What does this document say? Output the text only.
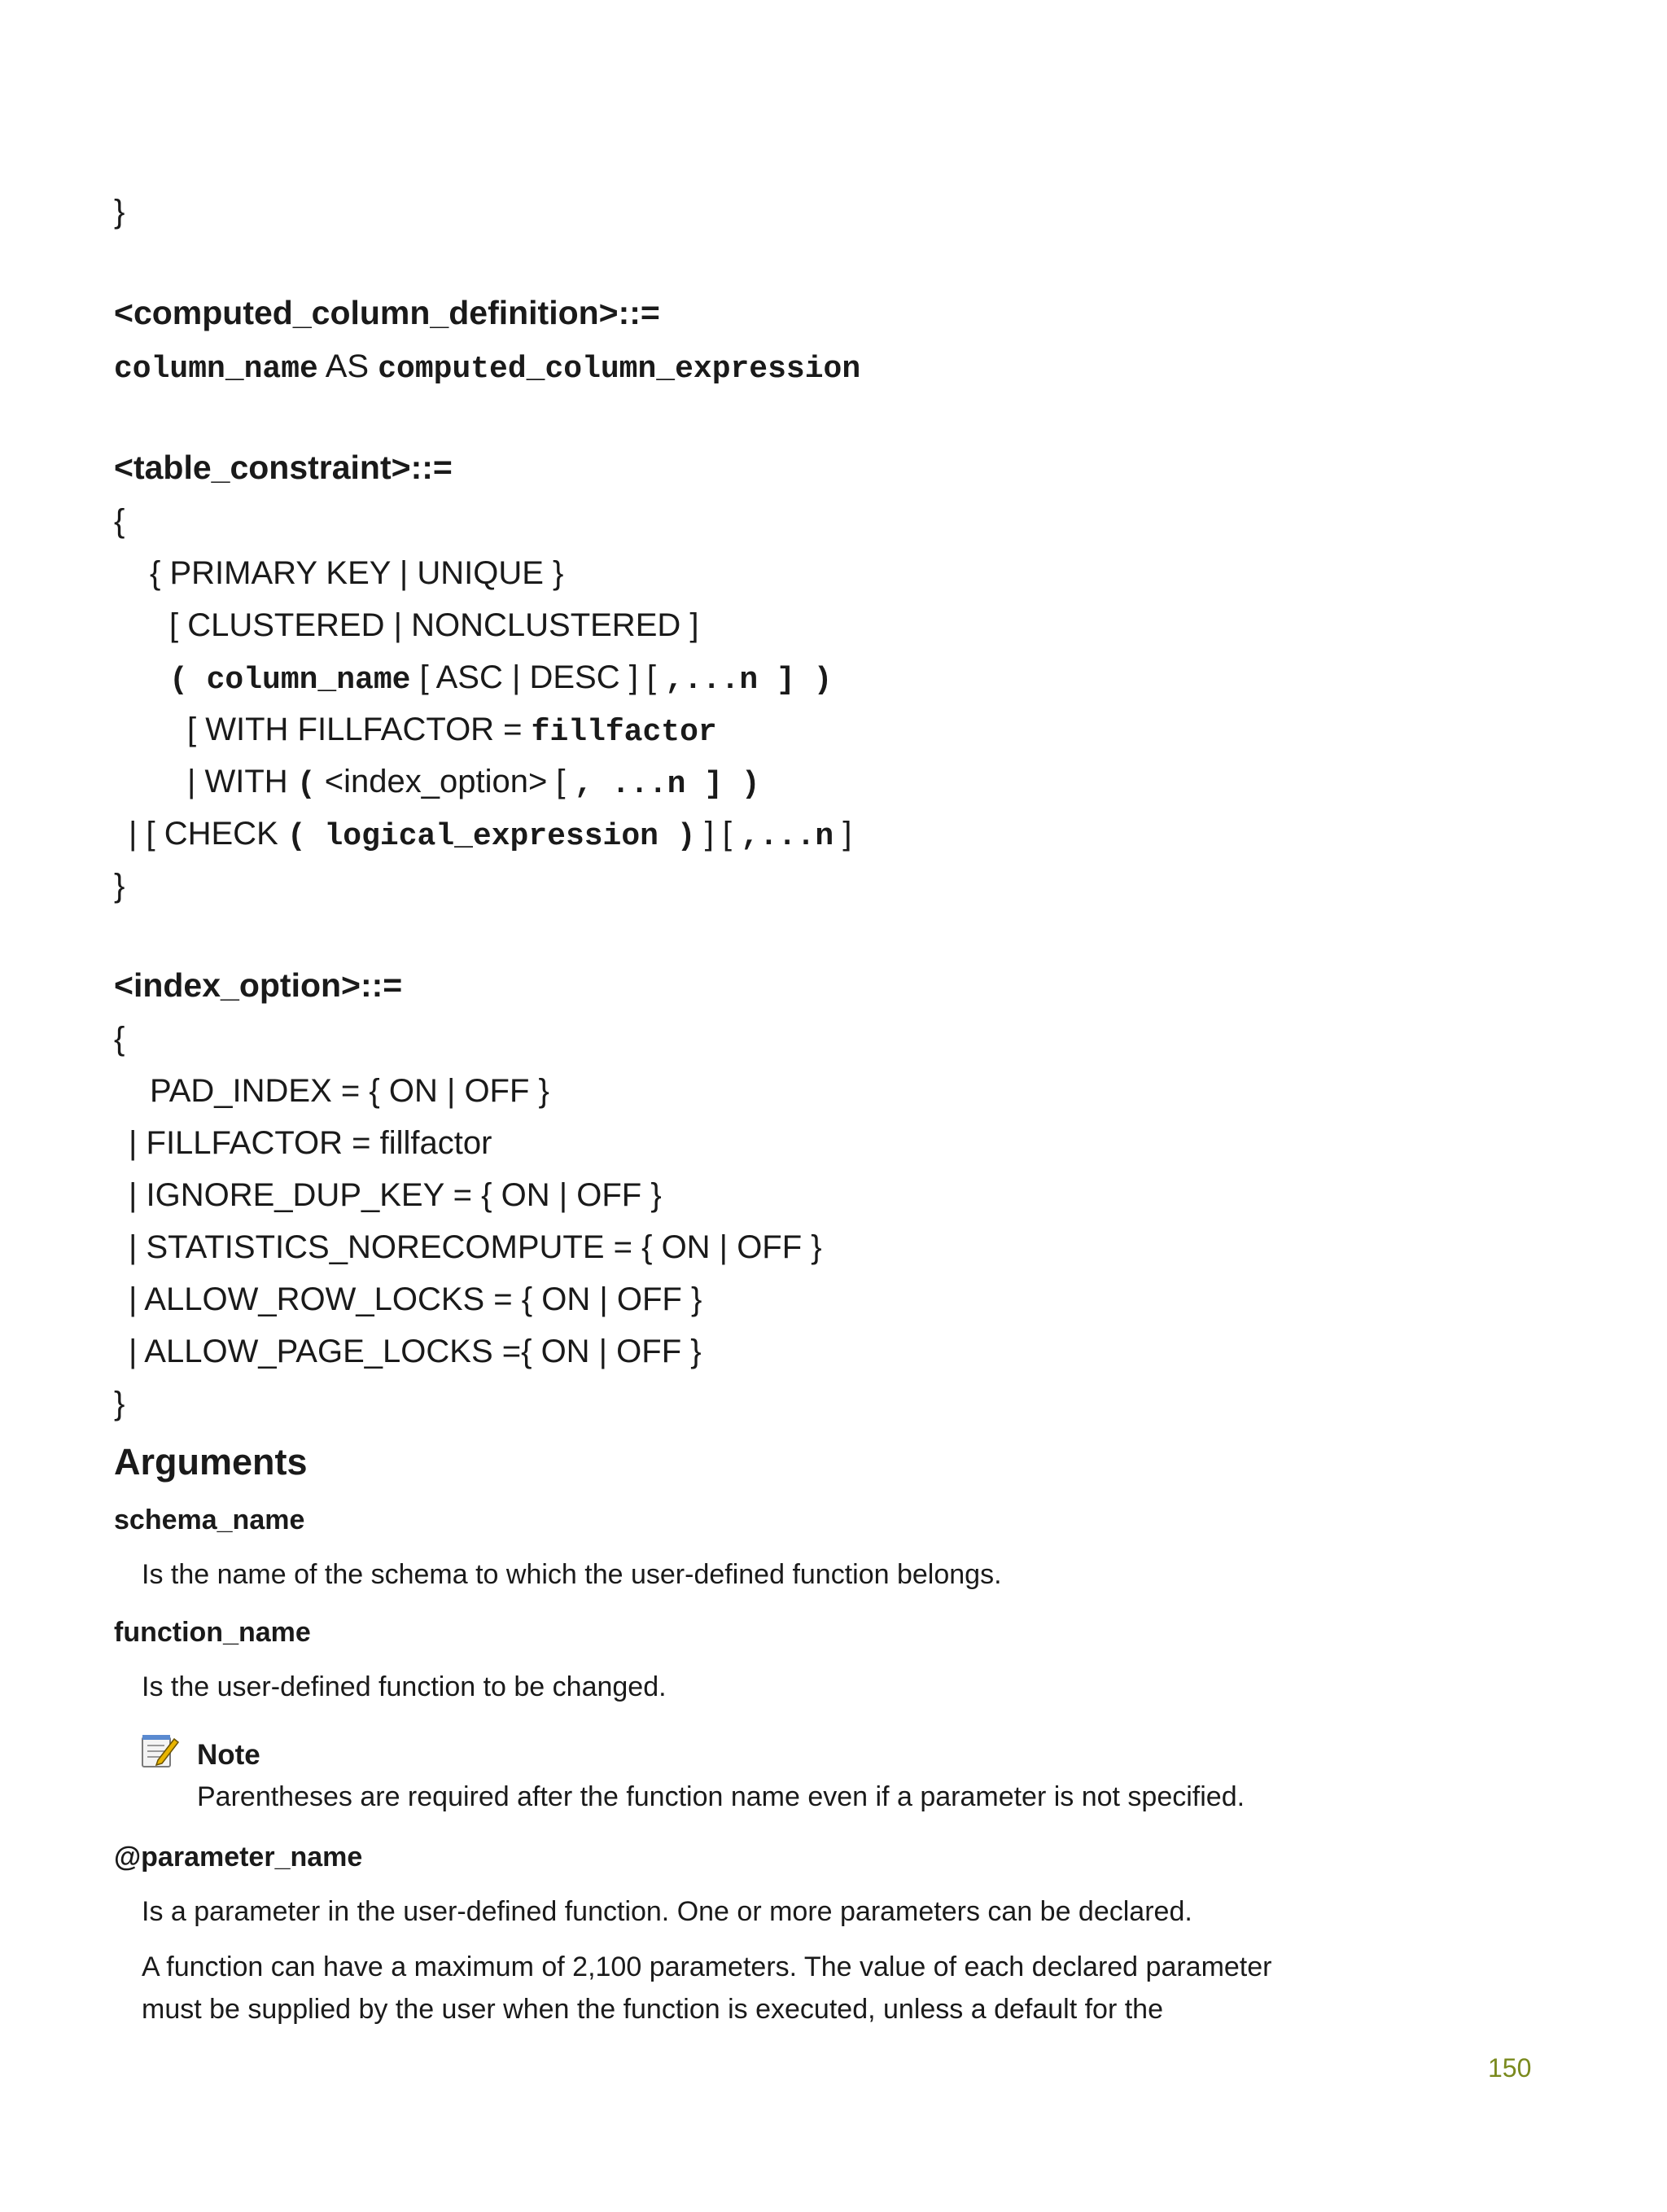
}
<computed_column_definition>::=
column_name AS computed_column_expression
<table_constraint>::=
{
{ PRIMARY KEY | UNIQUE }
[ CLUSTERED | NONCLUSTERED ]
( column_name [ ASC | DESC ] [ ,...n ] )
[ WITH FILLFACTOR = fillfactor
| WITH ( <index_option> [ , ...n ] )
| [ CHECK ( logical_expression ) ] [ ,...n ]
}
<index_option>::=
{
PAD_INDEX = { ON | OFF }
| FILLFACTOR = fillfactor
| IGNORE_DUP_KEY = { ON | OFF }
| STATISTICS_NORECOMPUTE = { ON | OFF }
| ALLOW_ROW_LOCKS = { ON | OFF }
| ALLOW_PAGE_LOCKS ={ ON | OFF }
}
Arguments
schema_name
Is the name of the schema to which the user-defined function belongs.
function_name
Is the user-defined function to be changed.
Note
Parentheses are required after the function name even if a parameter is not specified.
@parameter_name
Is a parameter in the user-defined function. One or more parameters can be declared.
A function can have a maximum of 2,100 parameters. The value of each declared parameter
must be supplied by the user when the function is executed, unless a default for the
150
